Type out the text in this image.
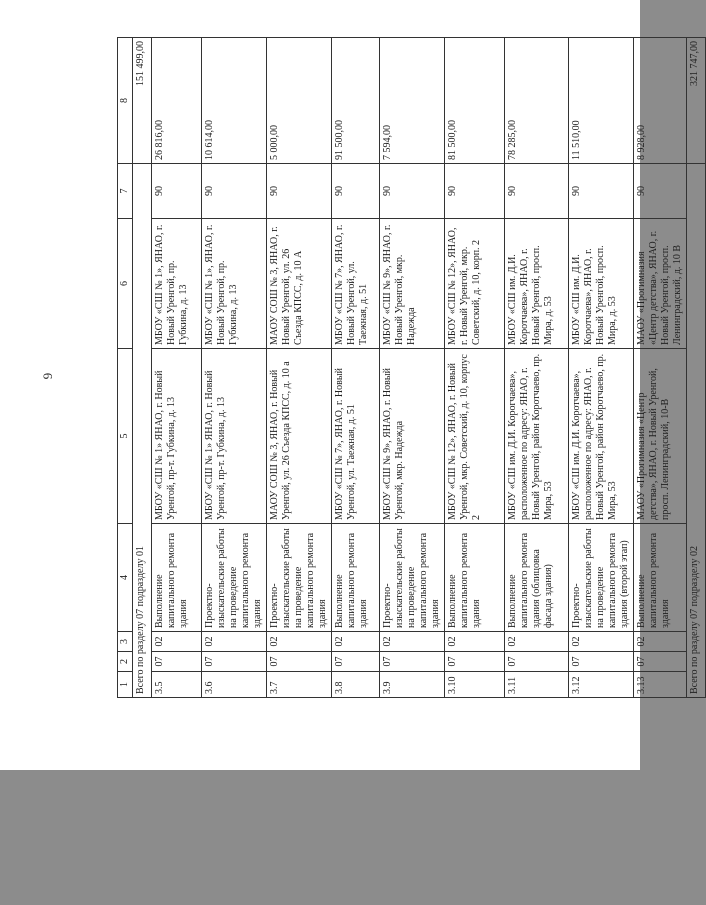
6
1	2	3	4	5	6	7	8
Всего по разделу 07 подразделу 01							151 499,00
3.5	07	02	Выполнение капитального ремонта здания	МБОУ «СШ № 1» ЯНАО, г. Новый Уренгой, пр-т. Губкина, д. 13	МБОУ «СШ № 1», ЯНАО, г. Новый Уренгой, пр. Губкина, д. 13	90	26 816,00
3.6	07	02	Проектно-изыскательские работы на проведение капитального ремонта здания	МБОУ «СШ № 1» ЯНАО, г. Новый Уренгой, пр-т. Губкина, д. 13	МБОУ «СШ № 1», ЯНАО, г. Новый Уренгой, пр. Губкина, д. 13	90	10 614,00
3.7	07	02	Проектно-изыскательские работы на проведение капитального ремонта здания	МАОУ СОШ № 3, ЯНАО, г. Новый Уренгой, ул. 26 Съезда КПСС, д. 10 а	МАОУ СОШ № 3, ЯНАО, г. Новый Уренгой, ул. 26 Съезда КПСС, д. 10 А	90	5 000,00
3.8	07	02	Выполнение капитального ремонта здания	МБОУ «СШ № 7», ЯНАО, г. Новый Уренгой, ул. Таежная, д. 51	МБОУ «СШ № 7», ЯНАО, г. Новый Уренгой, ул. Таежная, д. 51	90	91 500,00
3.9	07	02	Проектно-изыскательские работы на проведение капитального ремонта здания	МБОУ «СШ № 9», ЯНАО, г. Новый Уренгой, мкр. Надежда	МБОУ «СШ № 9», ЯНАО, г. Новый Уренгой, мкр. Надежда	90	7 594,00
3.10	07	02	Выполнение капитального ремонта здания	МБОУ «СШ № 12», ЯНАО, г. Новый Уренгой, мкр. Советский, д. 10, корпус 2	МБОУ «СШ № 12», ЯНАО, г. Новый Уренгой, мкр. Советский, д. 10, корп. 2	90	81 500,00
3.11	07	02	Выполнение капитального ремонта здания (облицовка фасада здания)	МБОУ «СШ им. Д.И. Корогчаева», расположенное по адресу: ЯНАО, г. Новый Уренгой, район Коротчаево, пр. Мира, 53	МБОУ «СШ им. Д.И. Коротчаева», ЯНАО, г. Новый Уренгой, просп. Мира, д. 53	90	78 285,00
3.12	07	02	Проектно-изыскательские работы на проведение капитального ремонта здания (второй этап)	МБОУ «СШ им. Д.И. Коротчаева», расположенное по адресу: ЯНАО, г. Новый Уренгой, район Коротчаево, пр. Мира, 53	МБОУ «СШ им. Д.И. Коротчаева», ЯНАО, г. Новый Уренгой, просп. Мира, д. 53	90	11 510,00
3.13	07	02	Выполнение капитального ремонта здания	МАОУ «Прогимназия «Центр детства», ЯНАО, г. Новый Уренгой, просп. Ленинградский, 10-В	МАОУ «Прогимназия «Центр детства», ЯНАО, г. Новый Уренгой, просп. Ленинградский, д. 10 В	90	8 928,00
Всего по разделу 07 подразделу 02							321 747,00
